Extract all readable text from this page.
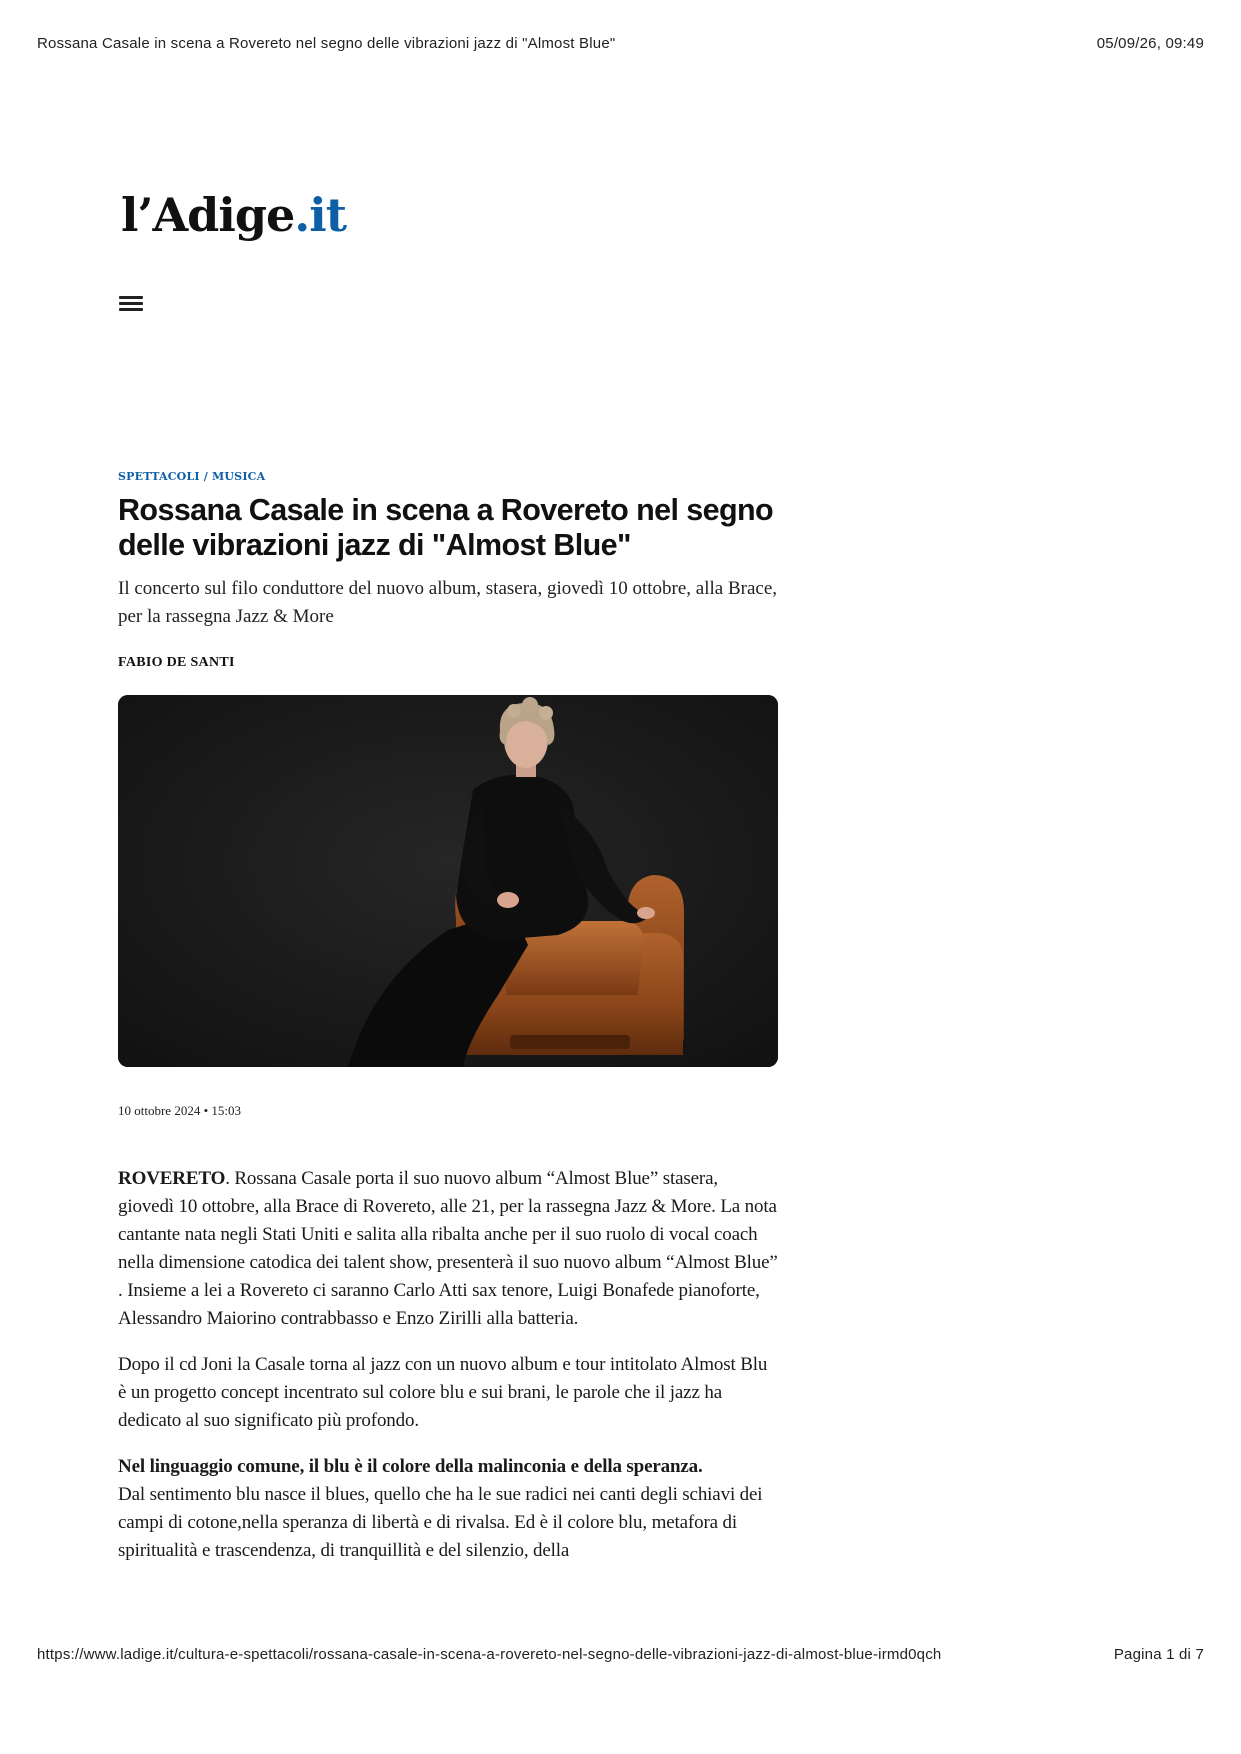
Rossana Casale in scena a Rovereto nel segno delle vibrazioni jazz di "Almost Blue"	05/09/26, 09:49
l’Adige.it
SPETTACOLI / MUSICA
Rossana Casale in scena a Rovereto nel segno delle vibrazioni jazz di "Almost Blue"

Il concerto sul filo conduttore del nuovo album, stasera, giovedì 10 ottobre, alla Brace, per la rassegna Jazz & More

FABIO DE SANTI
10 ottobre 2024 • 15:03

ROVERETO. Rossana Casale porta il suo nuovo album “Almost Blue” stasera, giovedì 10 ottobre, alla Brace di Rovereto, alle 21, per la rassegna Jazz & More. La nota cantante nata negli Stati Uniti e salita alla ribalta anche per il suo ruolo di vocal coach nella dimensione catodica dei talent show, presenterà il suo nuovo album “Almost Blue” . Insieme a lei a Rovereto ci saranno Carlo Atti sax tenore, Luigi Bonafede pianoforte, Alessandro Maiorino contrabbasso e Enzo Zirilli alla batteria.

Dopo il cd Joni la Casale torna al jazz con un nuovo album e tour intitolato Almost Blu è un progetto concept incentrato sul colore blu e sui brani, le parole che il jazz ha dedicato al suo significato più profondo.

Nel linguaggio comune, il blu è il colore della malinconia e della speranza.
Dal sentimento blu nasce il blues, quello che ha le sue radici nei canti degli schiavi dei campi di cotone,nella speranza di libertà e di rivalsa. Ed è il colore blu, metafora di spiritualità e trascendenza, di tranquillità e del silenzio, della

https://www.ladige.it/cultura-e-spettacoli/rossana-casale-in-scena-a-rovereto-nel-segno-delle-vibrazioni-jazz-di-almost-blue-irmd0qch	Pagina 1 di 7
